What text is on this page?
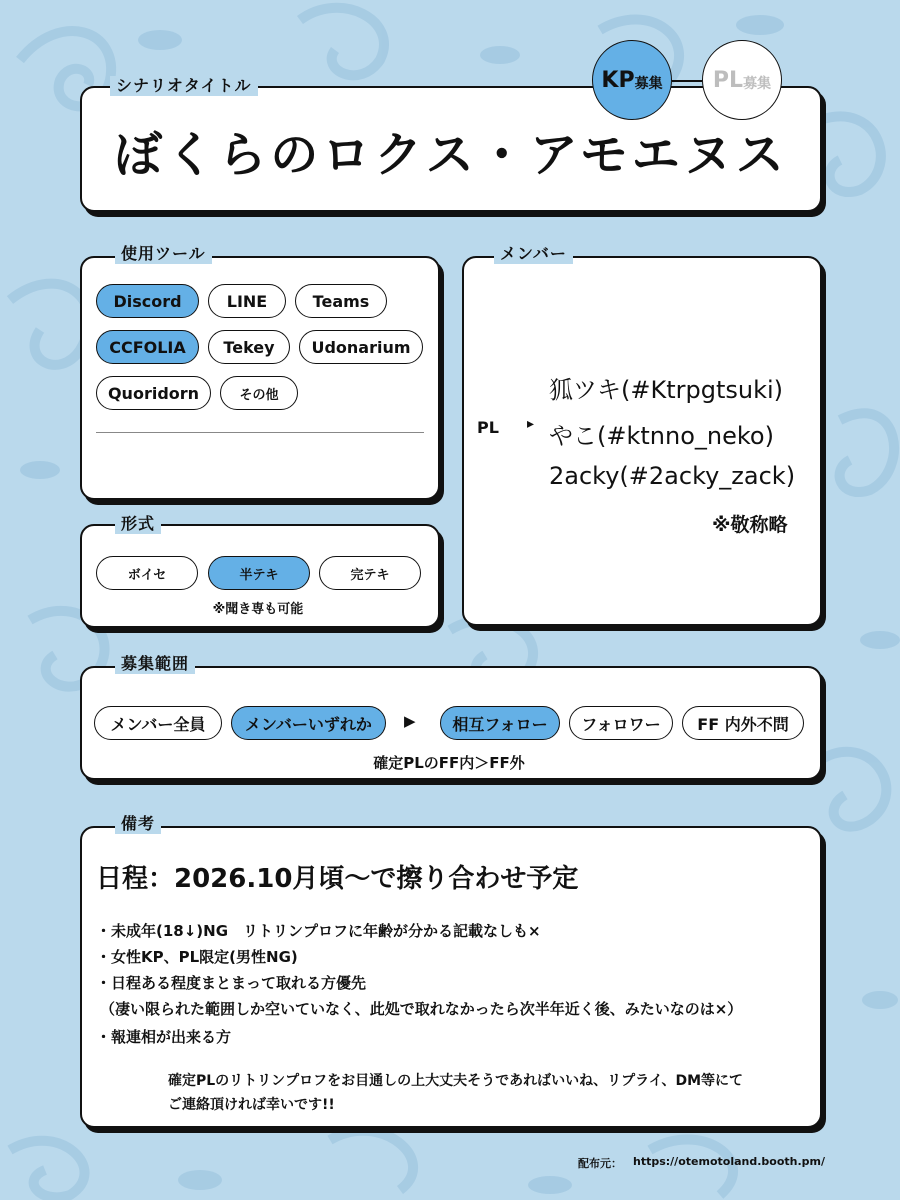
シナリオタイトル
ぼくらのロクス・アモエヌス
KP 募集 PL 募集
使用ツール
Discord	LINE	Teams
CCFOLIA	Tekey	Udonarium
Quoridorn	その他
形式
ボイセ	半テキ	完テキ
※聞き専も可能
メンバー
PL ▸
狐ツキ(#Ktrpgtsuki)
やこ(#ktnno_neko)
2acky(#2acky_zack)
※敬称略
募集範囲
メンバー全員	メンバーいずれか	▶	相互フォロー	フォロワー	FF 内外不問
確定PLのFF内＞FF外
備考
日程：2026.10月頃〜で擦り合わせ予定
・未成年(18↓)NG　リトリンプロフに年齢が分かる記載なしも×
・女性KP、PL限定(男性NG)
・日程ある程度まとまって取れる方優先
（凄い限られた範囲しか空いていなく、此処で取れなかったら次半年近く後、みたいなのは×）
・報連相が出来る方
確定PLのリトリンプロフをお目通しの上大丈夫そうであればいいね、リプライ、DM等にて
ご連絡頂ければ幸いです!!
配布元： https://otemotoland.booth.pm/
